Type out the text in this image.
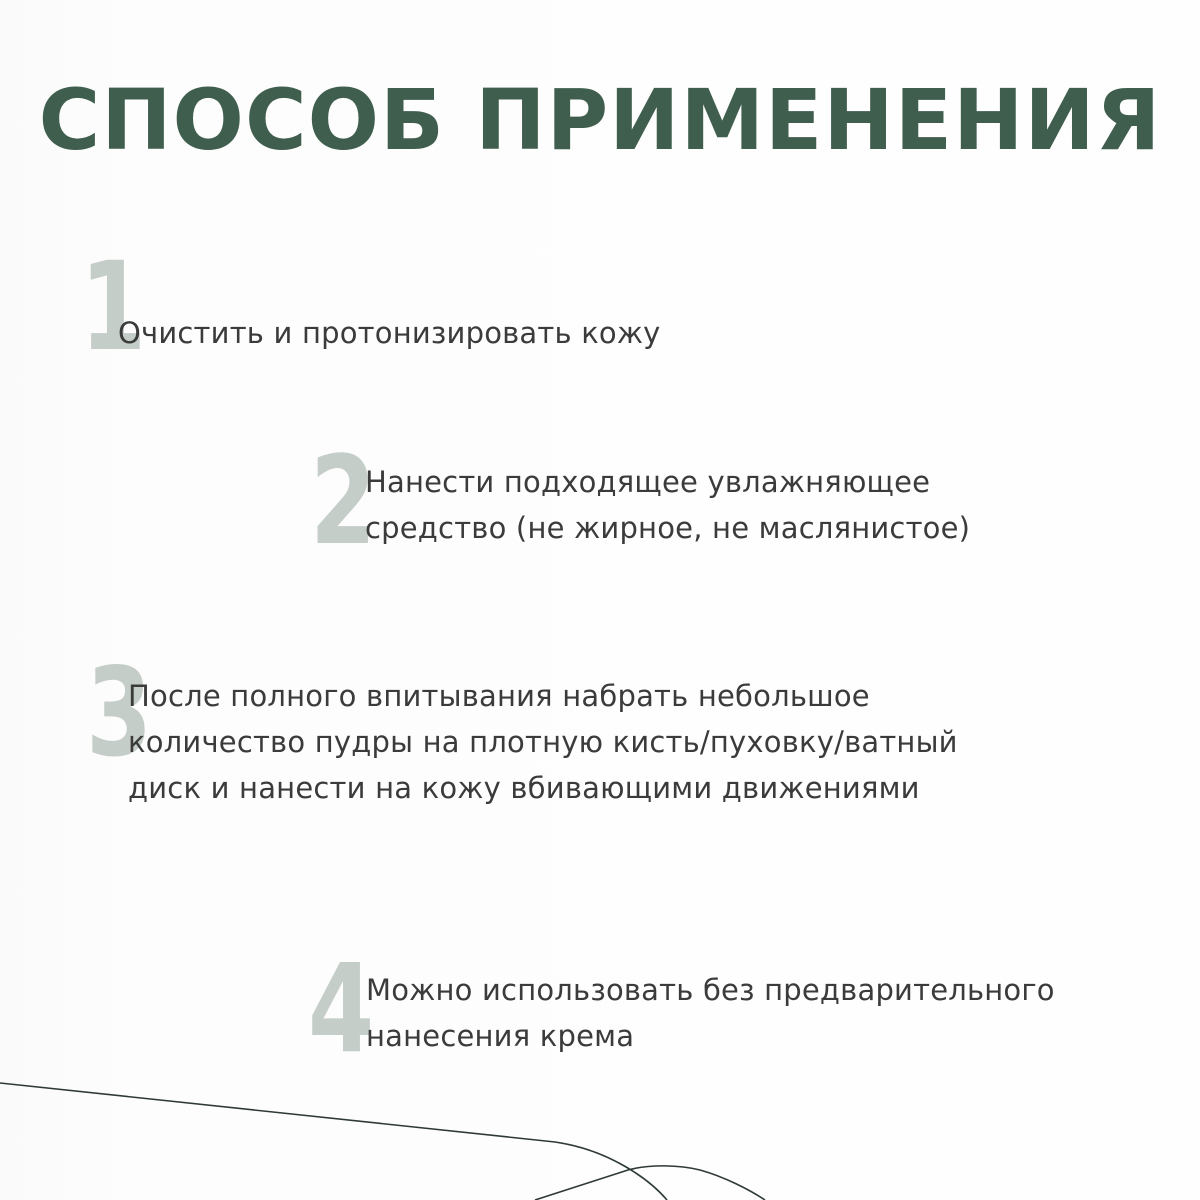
СПОСОБ ПРИМЕНЕНИЯ
1
Очистить и протонизировать кожу
2
Нанести подходящее увлажняющее
средство (не жирное, не маслянистое)
3
После полного впитывания набрать небольшое
количество пудры на плотную кисть/пуховку/ватный
диск и нанести на кожу вбивающими движениями
4
Можно использовать без предварительного
нанесения крема
